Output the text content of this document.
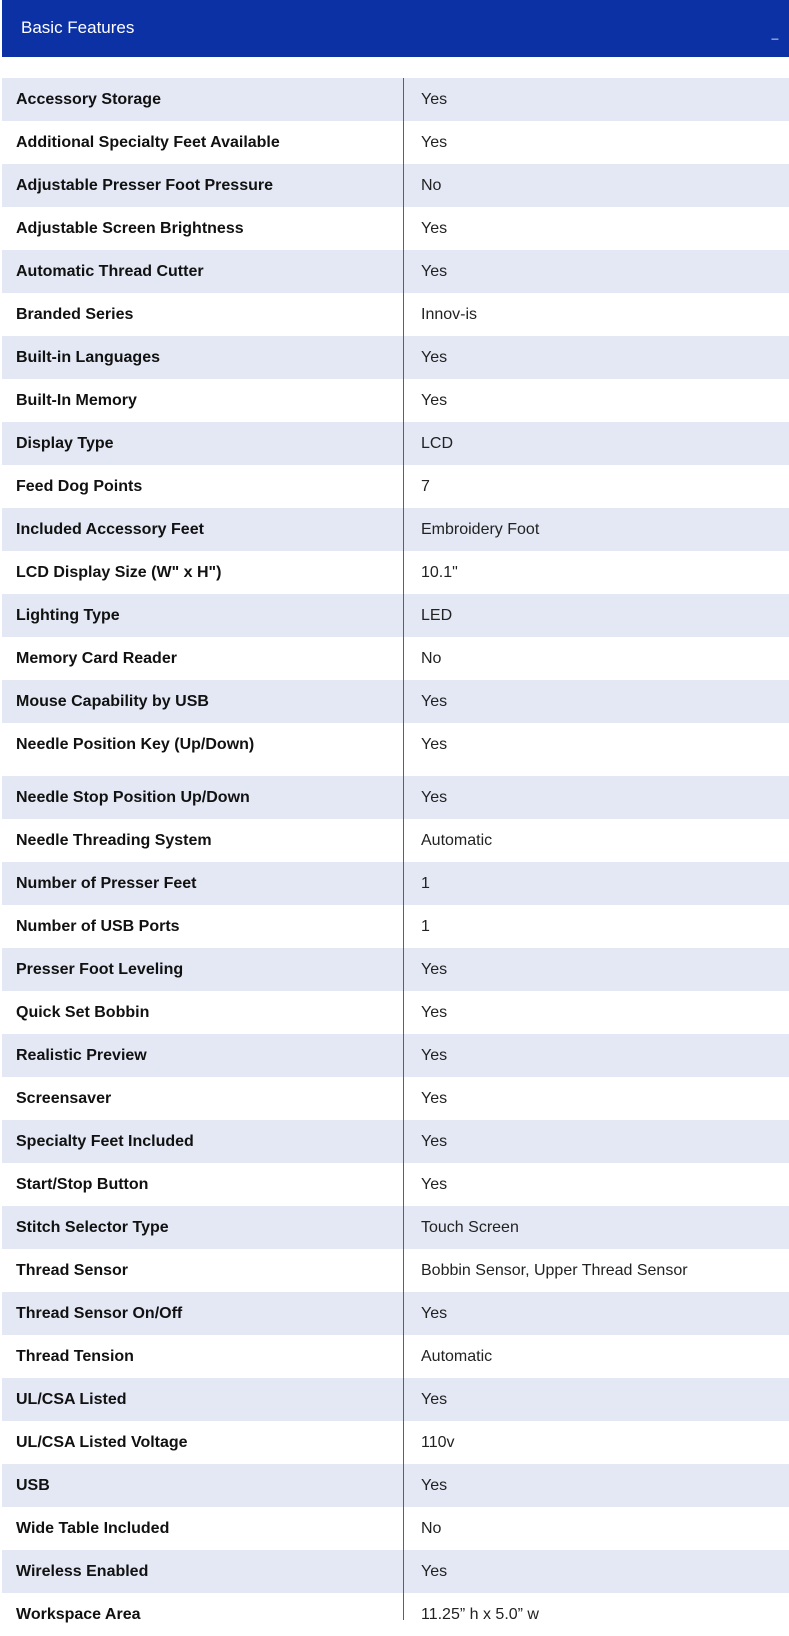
Basic Features	_
Accessory Storage	Yes
Additional Specialty Feet Available	Yes
Adjustable Presser Foot Pressure	No
Adjustable Screen Brightness	Yes
Automatic Thread Cutter	Yes
Branded Series	Innov-is
Built-in Languages	Yes
Built-In Memory	Yes
Display Type	LCD
Feed Dog Points	7
Included Accessory Feet	Embroidery Foot
LCD Display Size (W" x H")	10.1"
Lighting Type	LED
Memory Card Reader	No
Mouse Capability by USB	Yes
Needle Position Key (Up/Down)	Yes
Needle Stop Position Up/Down	Yes
Needle Threading System	Automatic
Number of Presser Feet	1
Number of USB Ports	1
Presser Foot Leveling	Yes
Quick Set Bobbin	Yes
Realistic Preview	Yes
Screensaver	Yes
Specialty Feet Included	Yes
Start/Stop Button	Yes
Stitch Selector Type	Touch Screen
Thread Sensor	Bobbin Sensor, Upper Thread Sensor
Thread Sensor On/Off	Yes
Thread Tension	Automatic
UL/CSA Listed	Yes
UL/CSA Listed Voltage	110v
USB	Yes
Wide Table Included	No
Wireless Enabled	Yes
Workspace Area	11.25” h x 5.0” w
